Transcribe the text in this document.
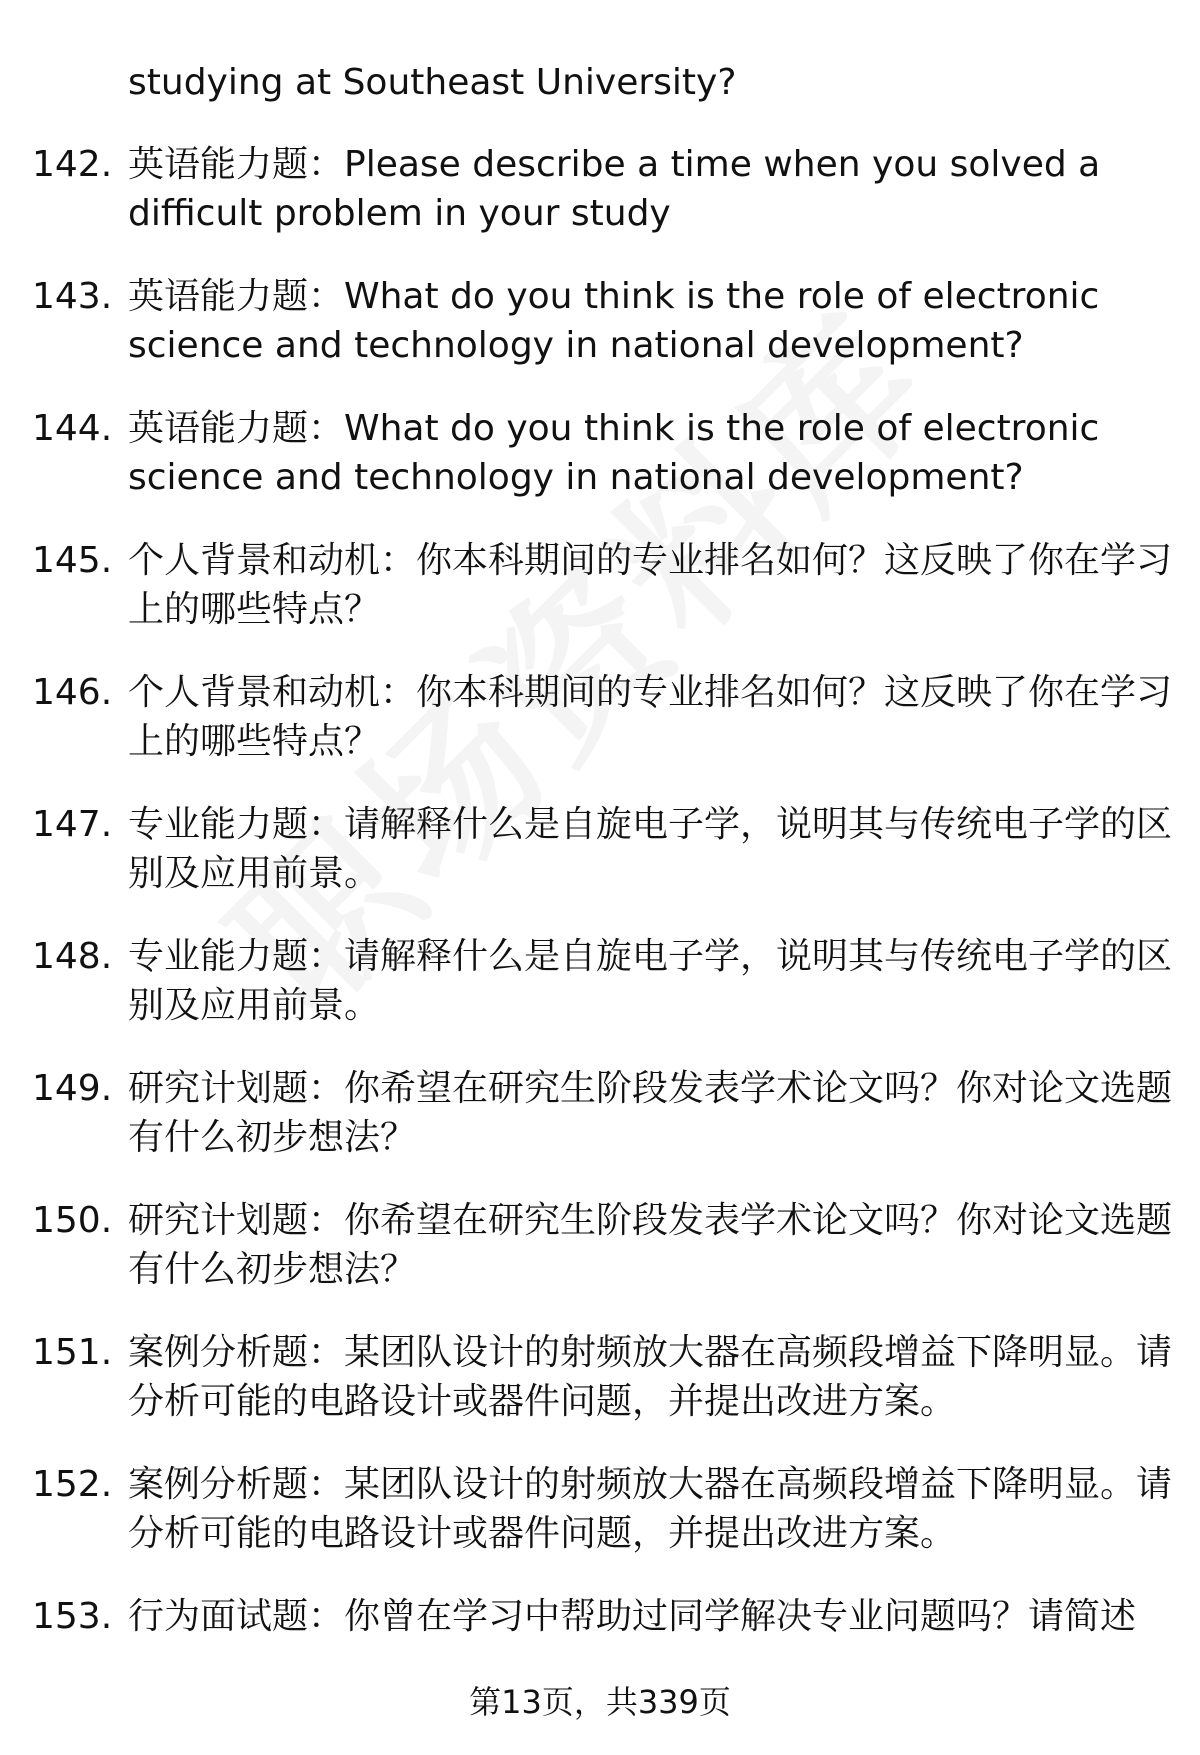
studying at Southeast University?
142. 英语能力题：Please describe a time when you solved a difficult problem in your study
143. 英语能力题：What do you think is the role of electronic science and technology in national development?
144. 英语能力题：What do you think is the role of electronic science and technology in national development?
145. 个人背景和动机：你本科期间的专业排名如何？这反映了你在学习上的哪些特点？
146. 个人背景和动机：你本科期间的专业排名如何？这反映了你在学习上的哪些特点？
147. 专业能力题：请解释什么是自旋电子学，说明其与传统电子学的区别及应用前景。
148. 专业能力题：请解释什么是自旋电子学，说明其与传统电子学的区别及应用前景。
149. 研究计划题：你希望在研究生阶段发表学术论文吗？你对论文选题有什么初步想法？
150. 研究计划题：你希望在研究生阶段发表学术论文吗？你对论文选题有什么初步想法？
151. 案例分析题：某团队设计的射频放大器在高频段增益下降明显。请分析可能的电路设计或器件问题，并提出改进方案。
152. 案例分析题：某团队设计的射频放大器在高频段增益下降明显。请分析可能的电路设计或器件问题，并提出改进方案。
153. 行为面试题：你曾在学习中帮助过同学解决专业问题吗？请简述
第13页，共339页
